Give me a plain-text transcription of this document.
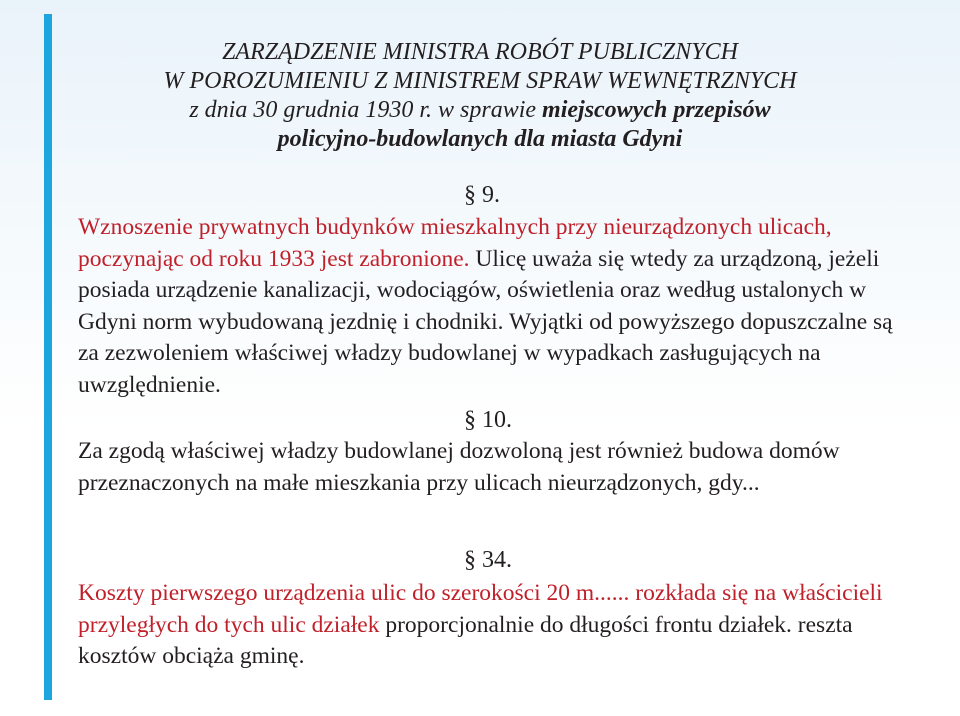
ZARZĄDZENIE MINISTRA ROBÓT PUBLICZNYCH
W POROZUMIENIU Z MINISTREM SPRAW WEWNĘTRZNYCH
z dnia 30 grudnia 1930 r. w sprawie miejscowych przepisów
policyjno-budowlanych dla miasta Gdyni
§ 9.

Wznoszenie prywatnych budynków mieszkalnych przy nieurządzonych ulicach, poczynając od roku 1933 jest zabronione. Ulicę uważa się wtedy za urządzoną, jeżeli posiada urządzenie kanalizacji, wodociągów, oświetlenia oraz według ustalonych w Gdyni norm wybudowaną jezdnię i chodniki. Wyjątki od powyższego dopuszczalne są za zezwoleniem właściwej władzy budowlanej w wypadkach zasługujących na uwzględnienie.

§ 10.

Za zgodą właściwej władzy budowlanej dozwoloną jest również budowa domów przeznaczonych na małe mieszkania przy ulicach nieurządzonych, gdy...

§ 34.

Koszty pierwszego urządzenia ulic do szerokości 20 m...... rozkłada się na właścicieli przyległych do tych ulic działek proporcjonalnie do długości frontu działek. reszta kosztów obciąża gminę.
